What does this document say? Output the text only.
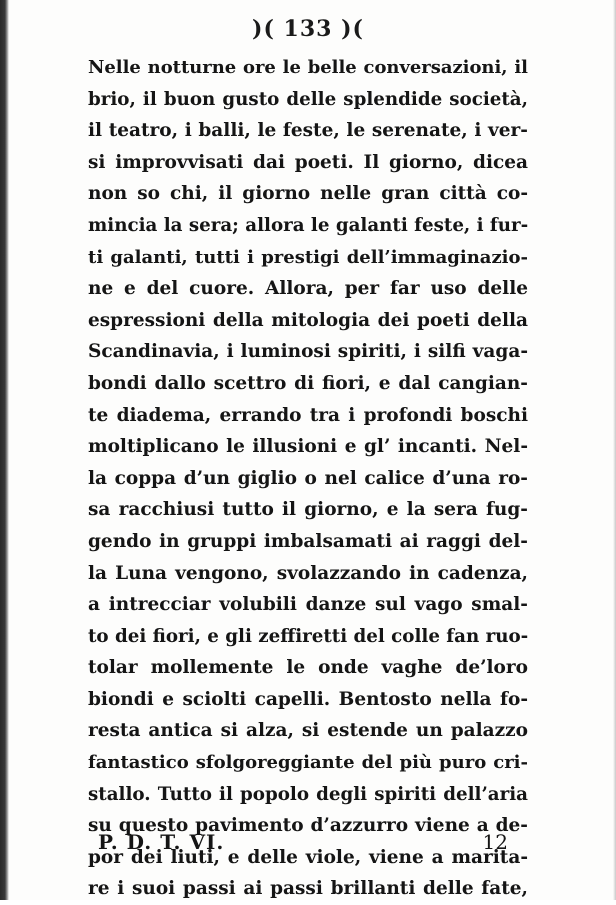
)( 133 )(
Nelle notturne ore le belle conversazioni, il
brio, il buon gusto delle splendide società,
il teatro, i balli, le feste, le serenate, i ver-
si improvvisati dai poeti. Il giorno, dicea
non so chi, il giorno nelle gran città co-
mincia la sera; allora le galanti feste, i fur-
ti galanti, tutti i prestigi dell’immaginazio-
ne e del cuore. Allora, per far uso delle
espressioni della mitologia dei poeti della
Scandinavia, i luminosi spiriti, i silfi vaga-
bondi dallo scettro di fiori, e dal cangian-
te diadema, errando tra i profondi boschi
moltiplicano le illusioni e gl’ incanti. Nel-
la coppa d’un giglio o nel calice d’una ro-
sa racchiusi tutto il giorno, e la sera fug-
gendo in gruppi imbalsamati ai raggi del-
la Luna vengono, svolazzando in cadenza,
a intrecciar volubili danze sul vago smal-
to dei fiori, e gli zeffiretti del colle fan ruo-
tolar mollemente le onde vaghe de’loro
biondi e sciolti capelli. Bentosto nella fo-
resta antica si alza, si estende un palazzo
fantastico sfolgoreggiante del più puro cri-
stallo. Tutto il popolo degli spiriti dell’aria
su questo pavimento d’azzurro viene a de-
por dei liuti, e delle viole, viene a marita-
re i suoi passi ai passi brillanti delle fate,
P. D. T. VI.	12
